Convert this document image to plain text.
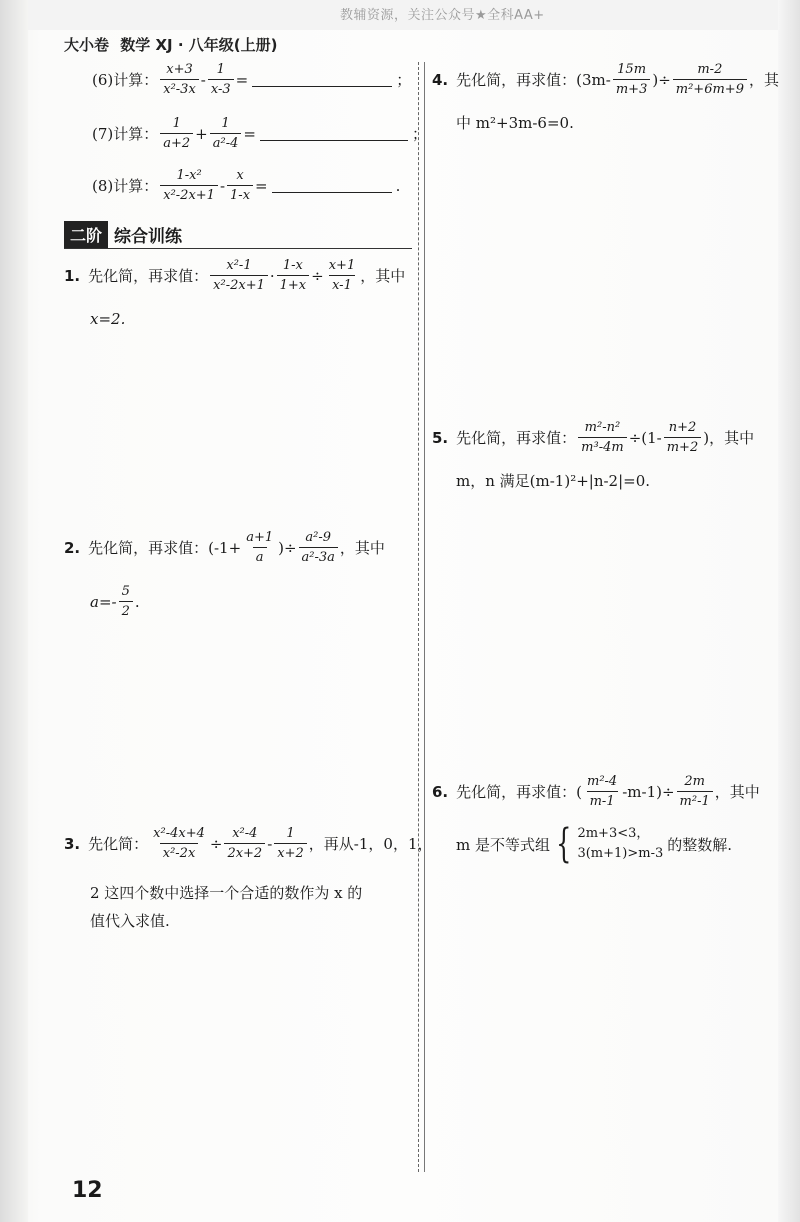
教辅资源，关注公众号★全科AA+
大小卷 数学 XJ · 八年级(上册)
(6)计算： $\frac{x+3}{\text{x²-3x}} - \frac{1}{x-3}$ =	；
(7)计算： $\frac{1}{a+2} + \frac{1}{\text{a²-4}}$ =	；
(8)计算： $\frac{\text{1-x²}}{\text{x²-2x+1}} - \frac{x}{1-x}$ =	.
二阶 综合训练
1. 先化简，再求值： $\frac{\text{x²-1}}{\text{x²-2x+1}} \cdot \frac{1-x}{1+x} \div \frac{x+1}{x-1}$ ，其中
x=2.
2. 先化简，再求值：($-1+ \frac{a+1}{a}$ )÷ $\frac{\text{a²-9}}{\text{a²-3a}}$ ，其中
$a=- \frac{5}{2}$ .
3. 先化简： $\frac{\text{x²-4x+4}}{\text{x²-2x}} \div \frac{\text{x²-4}}{2x+2} - \frac{1}{x+2}$ ，再从-1，0，1，
2 这四个数中选择一个合适的数作为 x 的
值代入求值.
4. 先化简，再求值：($3m- \frac{15m}{m+3}$ )÷ $\frac{m-2}{\text{m²+6m+9}}$ ，其
中 m²+3m-6=0.
5. 先化简，再求值： $\frac{\text{m²-n²}}{\text{m³-4m}} \div(1- \frac{n+2}{m+2}$ )，其中
m，n 满足(m-1)²+|n-2|=0.
6. 先化简，再求值：( $\frac{\text{m²-4}}{m-1} -m-1)\div \frac{2m}{\text{m²-1}}$ ，其中
m 是不等式组 { 2m+3<3，
3(m+1)>m-3 的整数解.
12
